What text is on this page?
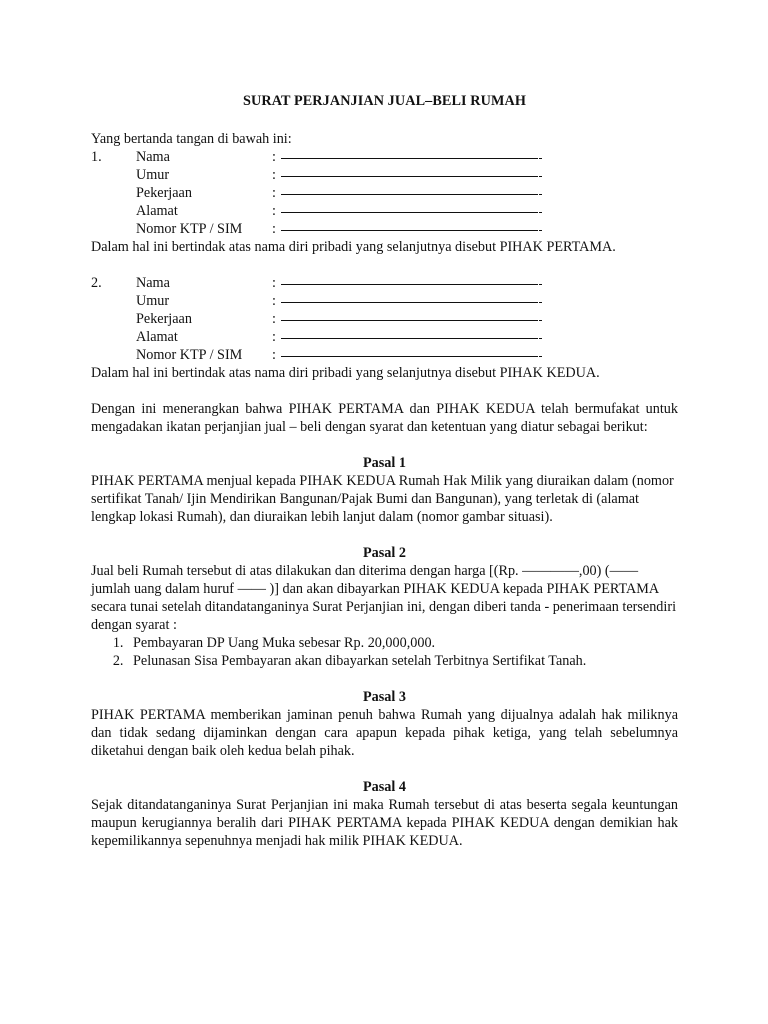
SURAT PERJANJIAN JUAL–BELI RUMAH

Yang bertanda tangan di bawah ini:

1.	Nama	:
Umur	:
Pekerjaan	:
Alamat	:
Nomor KTP / SIM	:

Dalam hal ini bertindak atas nama diri pribadi yang selanjutnya disebut PIHAK PERTAMA.

2.	Nama	:
Umur	:
Pekerjaan	:
Alamat	:
Nomor KTP / SIM	:

Dalam hal ini bertindak atas nama diri pribadi yang selanjutnya disebut PIHAK KEDUA.

Dengan ini menerangkan bahwa PIHAK PERTAMA dan PIHAK KEDUA telah bermufakat untuk mengadakan ikatan perjanjian jual – beli dengan syarat dan ketentuan yang diatur sebagai berikut:

Pasal 1

PIHAK PERTAMA menjual kepada PIHAK KEDUA Rumah Hak Milik yang diuraikan dalam (nomor sertifikat Tanah/ Ijin Mendirikan Bangunan/Pajak Bumi dan Bangunan), yang terletak di (alamat lengkap lokasi Rumah), dan diuraikan lebih lanjut dalam (nomor gambar situasi).

Pasal 2

Jual beli Rumah tersebut di atas dilakukan dan diterima dengan harga [(Rp. ————,00) (—— jumlah uang dalam huruf —— )] dan akan dibayarkan PIHAK KEDUA kepada PIHAK PERTAMA secara tunai setelah ditandatanganinya Surat Perjanjian ini, dengan diberi tanda - penerimaan tersendiri dengan syarat :

1. Pembayaran DP Uang Muka sebesar Rp. 20,000,000.
2. Pelunasan Sisa Pembayaran akan dibayarkan setelah Terbitnya Sertifikat Tanah.
Pasal 3

PIHAK PERTAMA memberikan jaminan penuh bahwa Rumah yang dijualnya adalah hak miliknya dan tidak sedang dijaminkan dengan cara apapun kepada pihak ketiga, yang telah sebelumnya diketahui dengan baik oleh kedua belah pihak.

Pasal 4

Sejak ditandatanganinya Surat Perjanjian ini maka Rumah tersebut di atas beserta segala keuntungan maupun kerugiannya beralih dari PIHAK PERTAMA kepada PIHAK KEDUA dengan demikian hak kepemilikannya sepenuhnya menjadi hak milik PIHAK KEDUA.
